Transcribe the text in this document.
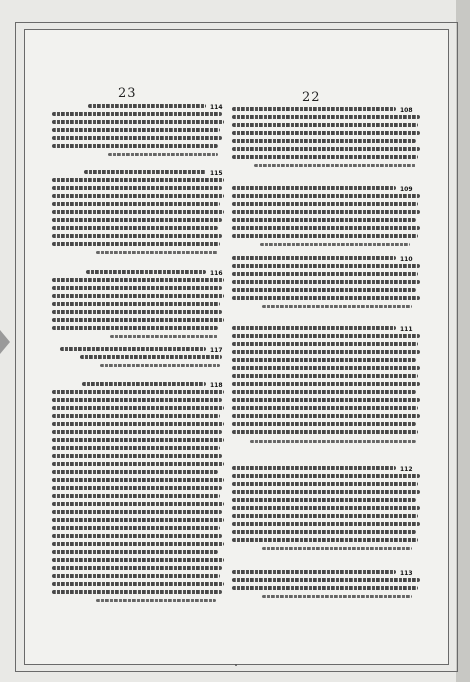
23	22
114
115
116
117
118
108
109
110
111
112
113
